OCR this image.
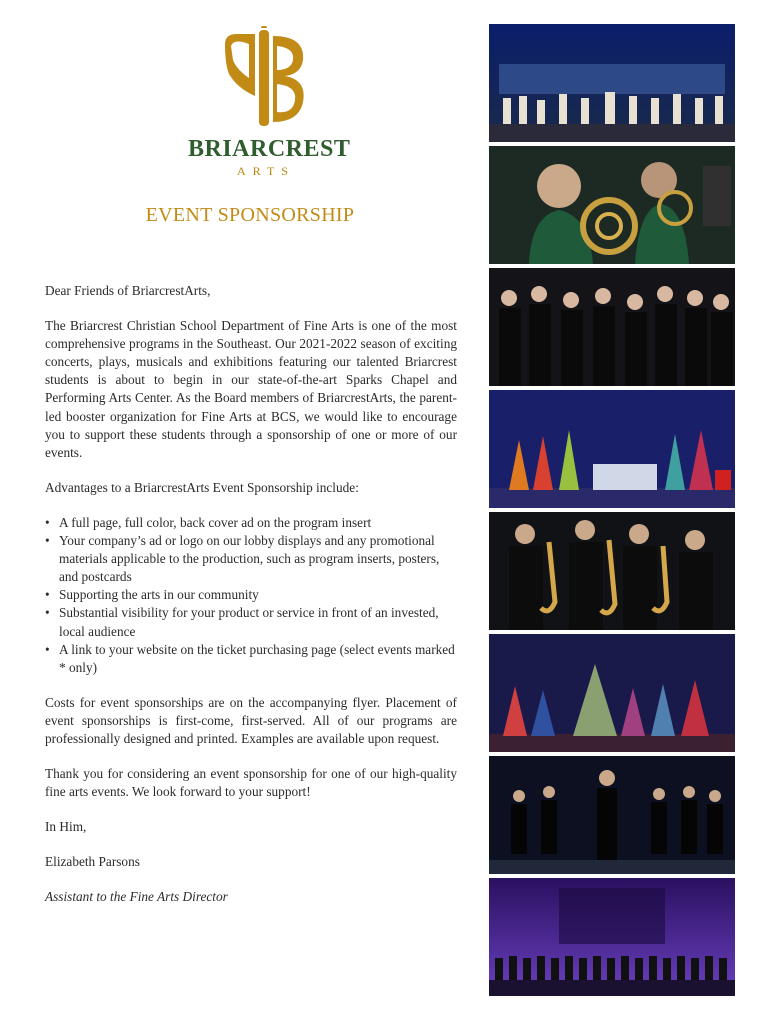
BRIARCREST
ARTS
EVENT SPONSORSHIP

Dear Friends of BriarcrestArts,

The Briarcrest Christian School Department of Fine Arts is one of the most comprehensive programs in the Southeast. Our 2021-2022 season of exciting concerts, plays, musicals and exhibitions featuring our talented Briarcrest students is about to begin in our state-of-the-art Sparks Chapel and Performing Arts Center. As the Board members of BriarcrestArts, the parent-led booster organization for Fine Arts at BCS, we would like to encourage you to support these students through a sponsorship of one or more of our events.

Advantages to a BriarcrestArts Event Sponsorship include:

• A full page, full color, back cover ad on the program insert
• Your company’s ad or logo on our lobby displays and any promotional materials applicable to the production, such as program inserts, posters, and postcards
• Supporting the arts in our community
• Substantial visibility for your product or service in front of an invested, local audience
• A link to your website on the ticket purchasing page (select events marked * only)

Costs for event sponsorships are on the accompanying flyer. Placement of event sponsorships is first-come, first-served. All of our programs are professionally designed and printed. Examples are available upon request.

Thank you for considering an event sponsorship for one of our high-quality fine arts events. We look forward to your support!

In Him,

Elizabeth Parsons

Assistant to the Fine Arts Director
